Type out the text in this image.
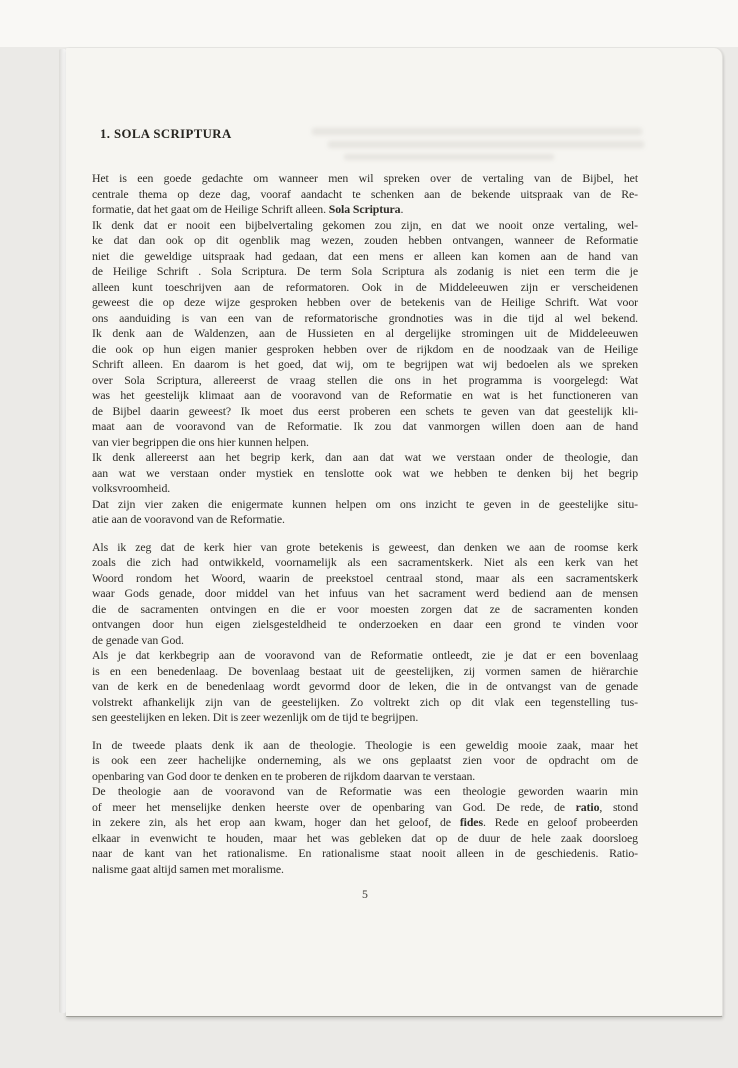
1. SOLA SCRIPTURA
Het is een goede gedachte om wanneer men wil spreken over de vertaling van de Bijbel, het
centrale thema op deze dag, vooraf aandacht te schenken aan de bekende uitspraak van de Re-
formatie, dat het gaat om de Heilige Schrift alleen. Sola Scriptura.
Ik denk dat er nooit een bijbelvertaling gekomen zou zijn, en dat we nooit onze vertaling, wel-
ke dat dan ook op dit ogenblik mag wezen, zouden hebben ontvangen, wanneer de Reformatie
niet die geweldige uitspraak had gedaan, dat een mens er alleen kan komen aan de hand van
de Heilige Schrift . Sola Scriptura. De term Sola Scriptura als zodanig is niet een term die je
alleen kunt toeschrijven aan de reformatoren. Ook in de Middeleeuwen zijn er verscheidenen
geweest die op deze wijze gesproken hebben over de betekenis van de Heilige Schrift. Wat voor
ons aanduiding is van een van de reformatorische grondnoties was in die tijd al wel bekend.
Ik denk aan de Waldenzen, aan de Hussieten en al dergelijke stromingen uit de Middeleeuwen
die ook op hun eigen manier gesproken hebben over de rijkdom en de noodzaak van de Heilige
Schrift alleen. En daarom is het goed, dat wij, om te begrijpen wat wij bedoelen als we spreken
over Sola Scriptura, allereerst de vraag stellen die ons in het programma is voorgelegd: Wat
was het geestelijk klimaat aan de vooravond van de Reformatie en wat is het functioneren van
de Bijbel daarin geweest? Ik moet dus eerst proberen een schets te geven van dat geestelijk kli-
maat aan de vooravond van de Reformatie. Ik zou dat vanmorgen willen doen aan de hand
van vier begrippen die ons hier kunnen helpen.
Ik denk allereerst aan het begrip kerk, dan aan dat wat we verstaan onder de theologie, dan
aan wat we verstaan onder mystiek en tenslotte ook wat we hebben te denken bij het begrip
volksvroomheid.
Dat zijn vier zaken die enigermate kunnen helpen om ons inzicht te geven in de geestelijke situ-
atie aan de vooravond van de Reformatie.
Als ik zeg dat de kerk hier van grote betekenis is geweest, dan denken we aan de roomse kerk
zoals die zich had ontwikkeld, voornamelijk als een sacramentskerk. Niet als een kerk van het
Woord rondom het Woord, waarin de preekstoel centraal stond, maar als een sacramentskerk
waar Gods genade, door middel van het infuus van het sacrament werd bediend aan de mensen
die de sacramenten ontvingen en die er voor moesten zorgen dat ze de sacramenten konden
ontvangen door hun eigen zielsgesteldheid te onderzoeken en daar een grond te vinden voor
de genade van God.
Als je dat kerkbegrip aan de vooravond van de Reformatie ontleedt, zie je dat er een bovenlaag
is en een benedenlaag. De bovenlaag bestaat uit de geestelijken, zij vormen samen de hiërarchie
van de kerk en de benedenlaag wordt gevormd door de leken, die in de ontvangst van de genade
volstrekt afhankelijk zijn van de geestelijken. Zo voltrekt zich op dit vlak een tegenstelling tus-
sen geestelijken en leken. Dit is zeer wezenlijk om de tijd te begrijpen.
In de tweede plaats denk ik aan de theologie. Theologie is een geweldig mooie zaak, maar het
is ook een zeer hachelijke onderneming, als we ons geplaatst zien voor de opdracht om de
openbaring van God door te denken en te proberen de rijkdom daarvan te verstaan.
De theologie aan de vooravond van de Reformatie was een theologie geworden waarin min
of meer het menselijke denken heerste over de openbaring van God. De rede, de ratio, stond
in zekere zin, als het erop aan kwam, hoger dan het geloof, de fides. Rede en geloof probeerden
elkaar in evenwicht te houden, maar het was gebleken dat op de duur de hele zaak doorsloeg
naar de kant van het rationalisme. En rationalisme staat nooit alleen in de geschiedenis. Ratio-
nalisme gaat altijd samen met moralisme.
5
